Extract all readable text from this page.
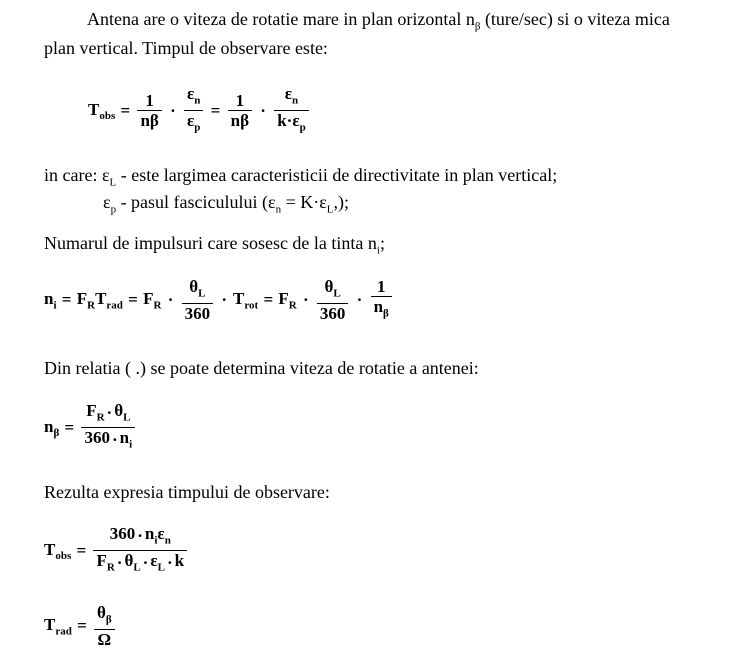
Antena are o viteza de rotatie mare in plan orizontal $n_\beta$ (ture/sec) si o viteza mica
plan vertical. Timpul de observare este:
$T_{obs} = \frac{1}{n\beta} \cdot \frac{\varepsilon_n}{\varepsilon_p} = \frac{1}{n\beta} \cdot \frac{\varepsilon_n}{k\cdot\varepsilon_p}$
in care: $\varepsilon_L$ - este largimea caracteristicii de directivitate in plan vertical;
$\varepsilon_p$ - pasul fasciculului $(\varepsilon_n = K\cdot\varepsilon_L,)$;
Numarul de impulsuri care sosesc de la tinta $n_i$;
$n_i = F_RT_{rad} = F_R \cdot \frac{\theta_L}{360} \cdot T_{rot} = F_R \cdot \frac{\theta_L}{360} \cdot \frac{1}{n_\beta}$
Din relatia ( .) se poate determina viteza de rotatie a antenei:
$n_\beta = \frac{F_R \cdot \theta_L}{360 \cdot n_i}$
Rezulta expresia timpului de observare:
$T_{obs} = \frac{360 \cdot n_i\varepsilon_n}{F_R \cdot \theta_L \cdot \varepsilon_L \cdot k}$
$T_{rad} = \frac{\theta_\beta}{\Omega}$
